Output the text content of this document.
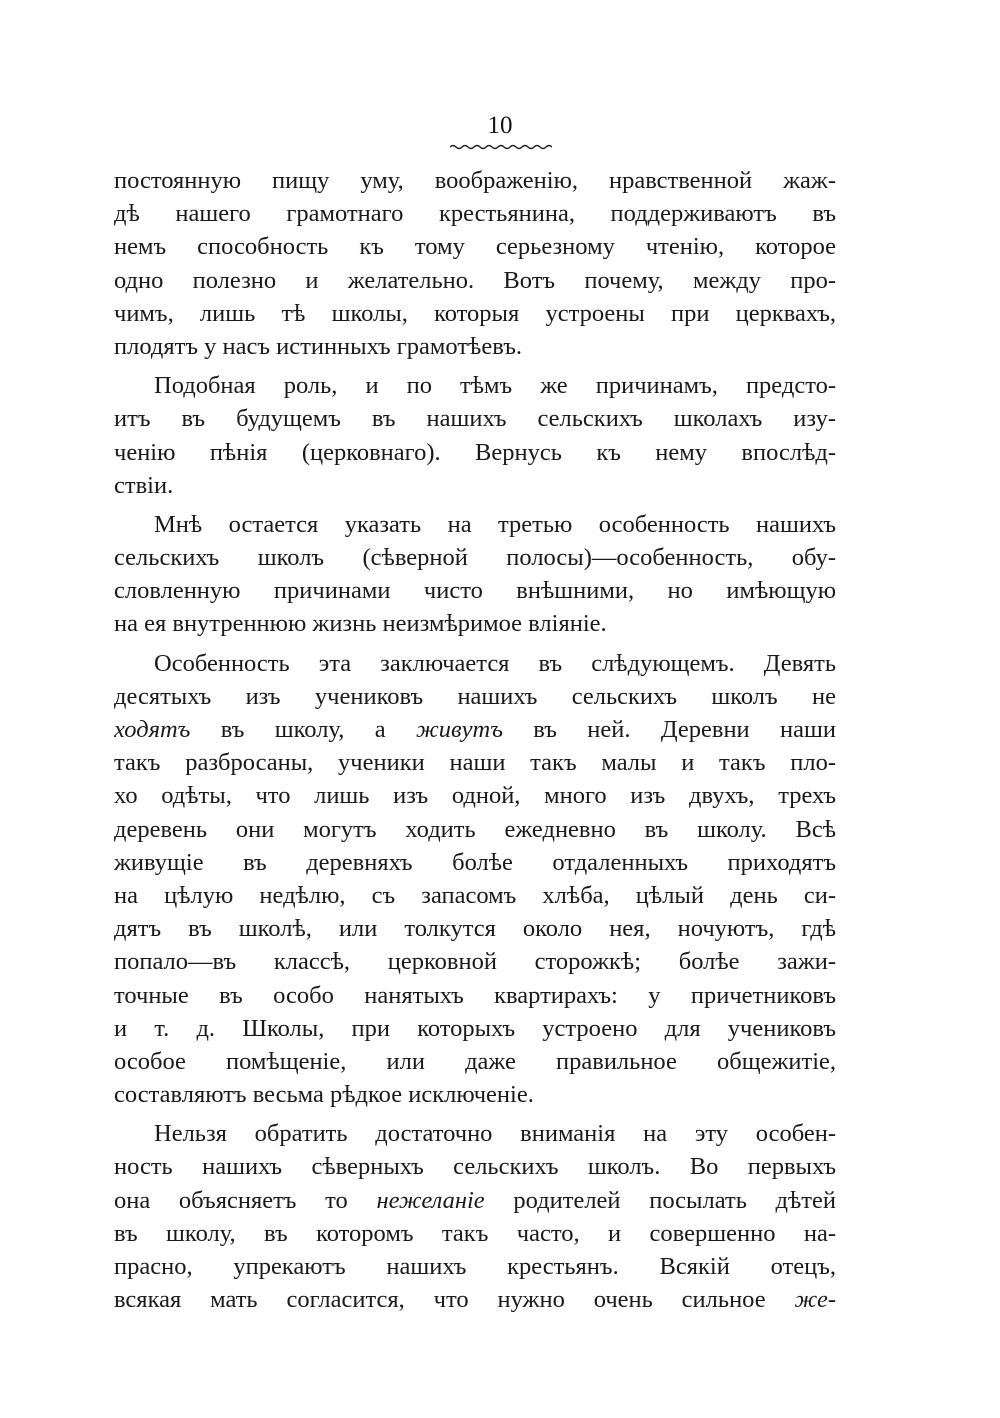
10
постоянную пищу уму, воображенію, нравственной жаж-
дѣ нашего грамотнаго крестьянина, поддерживаютъ въ
немъ способность къ тому серьезному чтенію, которое
одно полезно и желательно. Вотъ почему, между про-
чимъ, лишь тѣ школы, которыя устроены при церквахъ,
плодятъ у насъ истинныхъ грамотѣевъ.
Подобная роль, и по тѣмъ же причинамъ, предсто-
итъ въ будущемъ въ нашихъ сельскихъ школахъ изу-
ченію пѣнія (церковнаго). Вернусь къ нему впослѣд-
ствіи.
Мнѣ остается указать на третью особенность нашихъ
сельскихъ школъ (сѣверной полосы)—особенность, обу-
словленную причинами чисто внѣшними, но имѣющую
на ея внутреннюю жизнь неизмѣримое вліяніе.
Особенность эта заключается въ слѣдующемъ. Девять
десятыхъ изъ учениковъ нашихъ сельскихъ школъ не
ходятъ въ школу, а живутъ въ ней. Деревни наши
такъ разбросаны, ученики наши такъ малы и такъ пло-
хо одѣты, что лишь изъ одной, много изъ двухъ, трехъ
деревень они могутъ ходить ежедневно въ школу. Всѣ
живущіе въ деревняхъ болѣе отдаленныхъ приходятъ
на цѣлую недѣлю, съ запасомъ хлѣба, цѣлый день си-
дятъ въ школѣ, или толкутся около нея, ночуютъ, гдѣ
попало—въ классѣ, церковной сторожкѣ; болѣе зажи-
точные въ особо нанятыхъ квартирахъ: у причетниковъ
и т. д. Школы, при которыхъ устроено для учениковъ
особое помѣщеніе, или даже правильное общежитіе,
составляютъ весьма рѣдкое исключеніе.
Нельзя обратить достаточно вниманія на эту особен-
ность нашихъ сѣверныхъ сельскихъ школъ. Во первыхъ
она объясняетъ то нежеланіе родителей посылать дѣтей
въ школу, въ которомъ такъ часто, и совершенно на-
прасно, упрекаютъ нашихъ крестьянъ. Всякій отецъ,
всякая мать согласится, что нужно очень сильное же-
